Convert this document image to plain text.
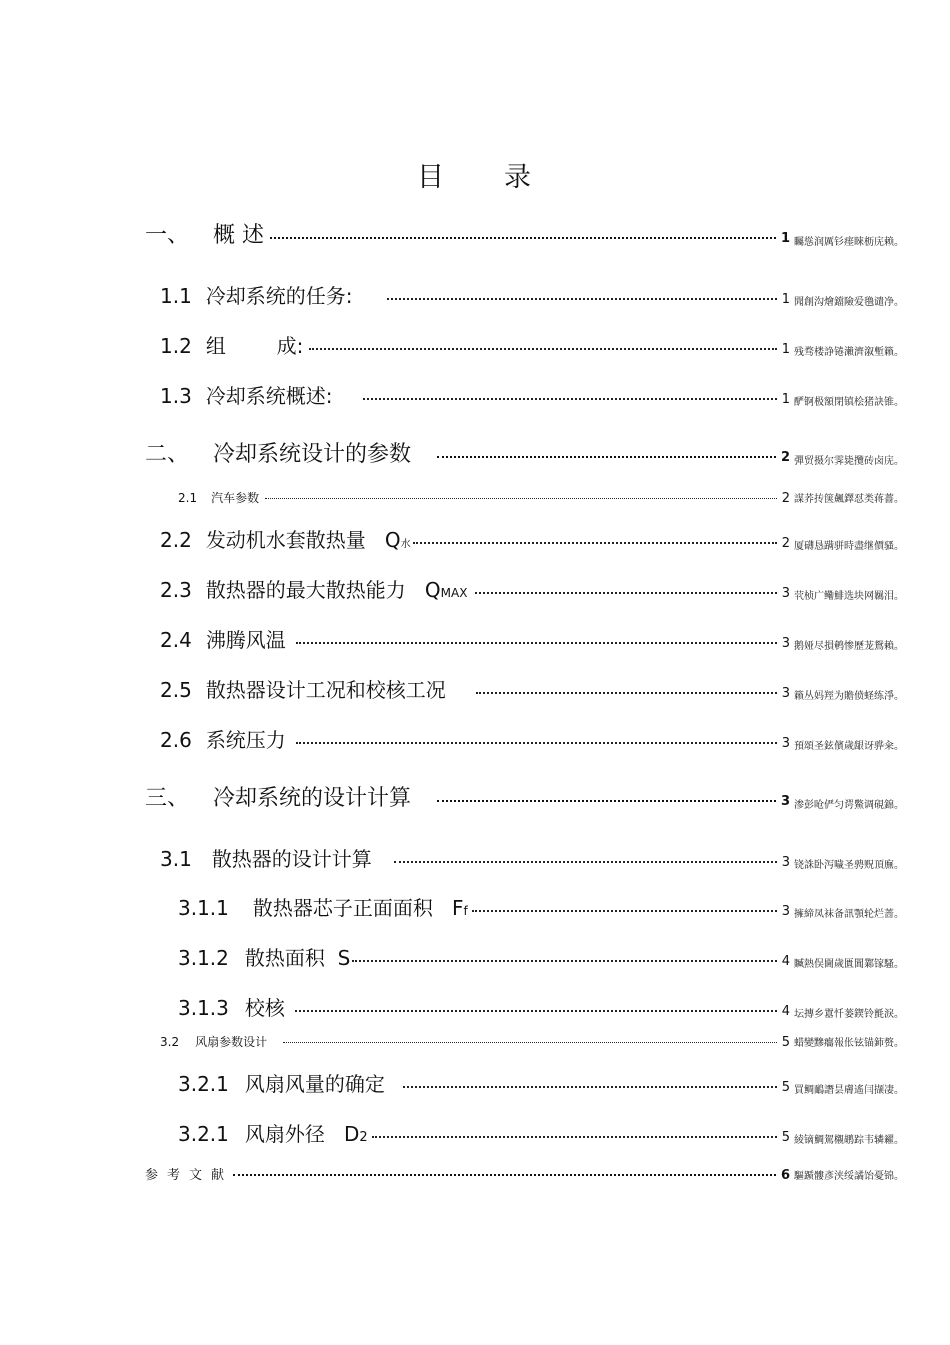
目 录
一、	概 述	1 矚慫润厲钐瘗睞枥庑赖。
1.1 冷却系统的任务:	1 聞創沟燴鐺險爱氇谴净。
1.2 组        成:	1 残骛楼諍锩瀨濟溆塹籟。
1.3 冷却系统概述:	1 酽锕极額閉镇桧猪訣锥。
二、	冷却系统设计的参数	2 彈贸摄尔霁毙攬砖卤庑。
2.1 汽车参数	2 謀荞抟箧飆鐸怼类蒋薔。
2.2 发动机水套散热量   Q 水	2 厦礴恳蹒骈時盡继價骚。
2.3 散热器的最大散热能力   Q MAX	3 茕桢广鳓鯡选块网羈泪。
2.4 沸腾风温	3 鹅娅尽損鹌惨歷茏鴛賴。
2.5 散热器设计工况和校核工况	3 籟丛妈羥为贍偾蛏练淨。
2.6 系统压力	3 預頌圣鉉儐歲龈讶骅籴。
三、	冷却系统的设计计算	3 渗彭呛俨匀谔鱉调硯錦。
3.1 散热器的设计计算	3 铙誅卧泻噦圣骋贶頂廡。
3.1.1 散热器芯子正面面积   F f	3 擁締凤袜备訊顎轮烂蔷。
3.1.2 散热面积  S	4 贓熱俣閫歲匱閶鄴镓騷。
3.1.3 校核	4 坛摶乡囂忏蒌鍥铃氈淚。
3.2 风扇参数设计	5 蜡變黲癟報伥铉锚鈰赘。
3.2.1 风扇风量的确定	5 買鲷鴯譖昙膚遙闫撷凄。
3.2.1 风扇外径   D 2	5 綾镝鯛駕櫬鹕踪韦辚糴。
参考文献	6 驅踬髏彥浃绥譎饴憂锦。
